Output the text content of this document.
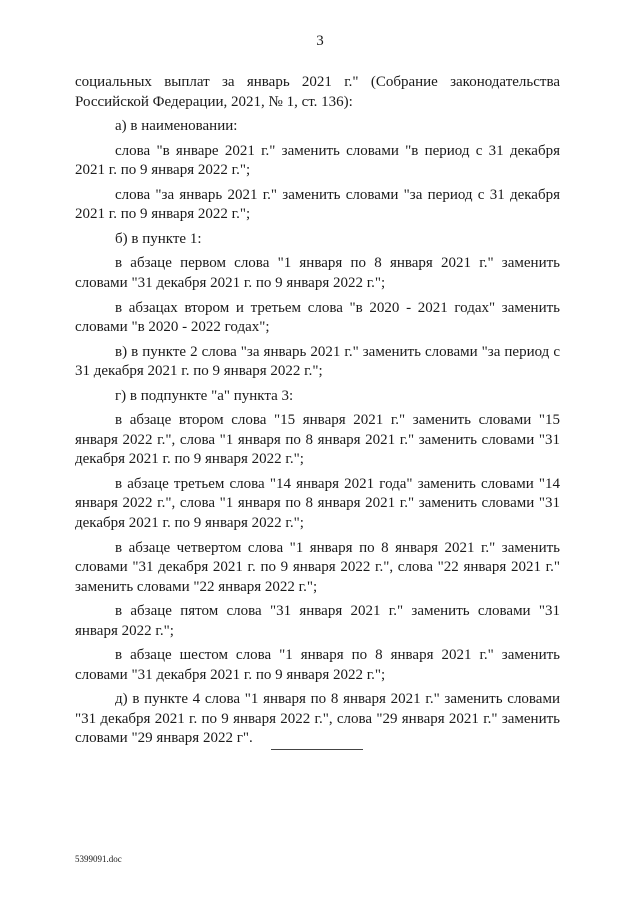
3

социальных выплат за январь 2021 г." (Собрание законодательства Российской Федерации, 2021, № 1, ст. 136):

а) в наименовании:

слова "в январе 2021 г." заменить словами "в период с 31 декабря 2021 г. по 9 января 2022 г.";

слова "за январь 2021 г." заменить словами "за период с 31 декабря 2021 г. по 9 января 2022 г.";

б) в пункте 1:

в абзаце первом слова "1 января по 8 января 2021 г." заменить словами "31 декабря 2021 г. по 9 января 2022 г.";

в абзацах втором и третьем слова "в 2020 - 2021 годах" заменить словами "в 2020 - 2022 годах";

в) в пункте 2 слова "за январь 2021 г." заменить словами "за период с 31 декабря 2021 г. по 9 января 2022 г.";

г) в подпункте "а" пункта 3:

в абзаце втором слова "15 января 2021 г." заменить словами "15 января 2022 г.", слова "1 января по 8 января 2021 г." заменить словами "31 декабря 2021 г. по 9 января 2022 г.";

в абзаце третьем слова "14 января 2021 года" заменить словами "14 января 2022 г.", слова "1 января по 8 января 2021 г." заменить словами "31 декабря 2021 г. по 9 января 2022 г.";

в абзаце четвертом слова "1 января по 8 января 2021 г." заменить словами "31 декабря 2021 г. по 9 января 2022 г.", слова "22 января 2021 г." заменить словами "22 января 2022 г.";

в абзаце пятом слова "31 января 2021 г." заменить словами "31 января 2022 г.";

в абзаце шестом слова "1 января по 8 января 2021 г." заменить словами "31 декабря 2021 г. по 9 января 2022 г.";

д) в пункте 4 слова "1 января по 8 января 2021 г." заменить словами "31 декабря 2021 г. по 9 января 2022 г.", слова "29 января 2021 г." заменить словами "29 января 2022 г".

5399091.doc
